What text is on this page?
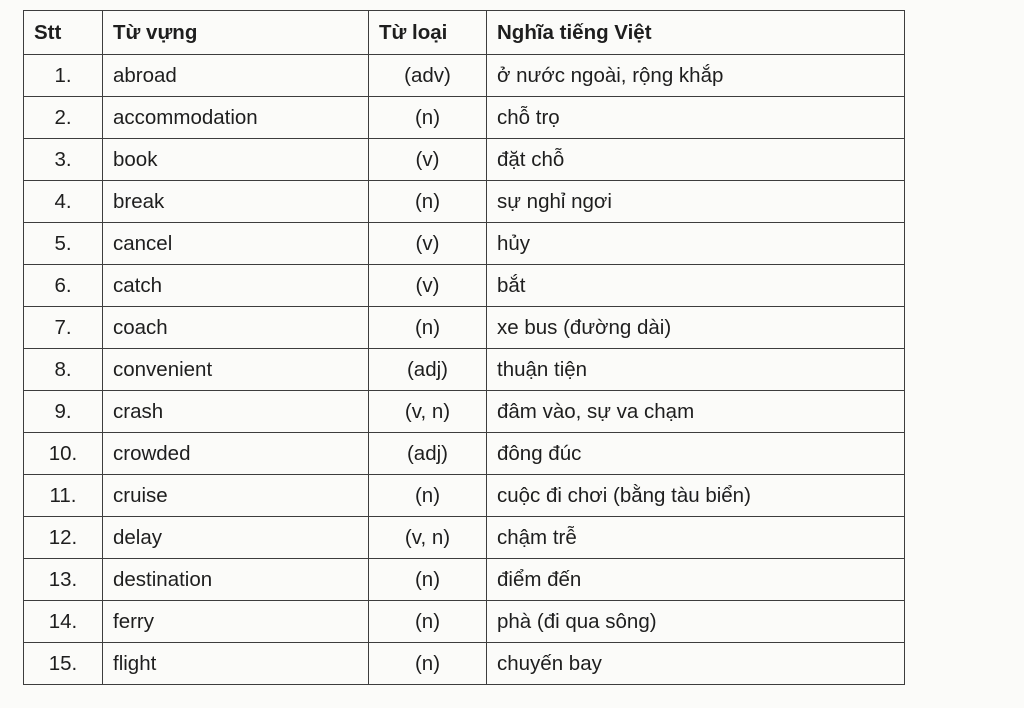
Stt	Từ vựng	Từ loại	Nghĩa tiếng Việt
1.	abroad	(adv)	ở nước ngoài, rộng khắp
2.	accommodation	(n)	chỗ trọ
3.	book	(v)	đặt chỗ
4.	break	(n)	sự nghỉ ngơi
5.	cancel	(v)	hủy
6.	catch	(v)	bắt
7.	coach	(n)	xe bus (đường dài)
8.	convenient	(adj)	thuận tiện
9.	crash	(v, n)	đâm vào, sự va chạm
10.	crowded	(adj)	đông đúc
11.	cruise	(n)	cuộc đi chơi (bằng tàu biển)
12.	delay	(v, n)	chậm trễ
13.	destination	(n)	điểm đến
14.	ferry	(n)	phà (đi qua sông)
15.	flight	(n)	chuyến bay
